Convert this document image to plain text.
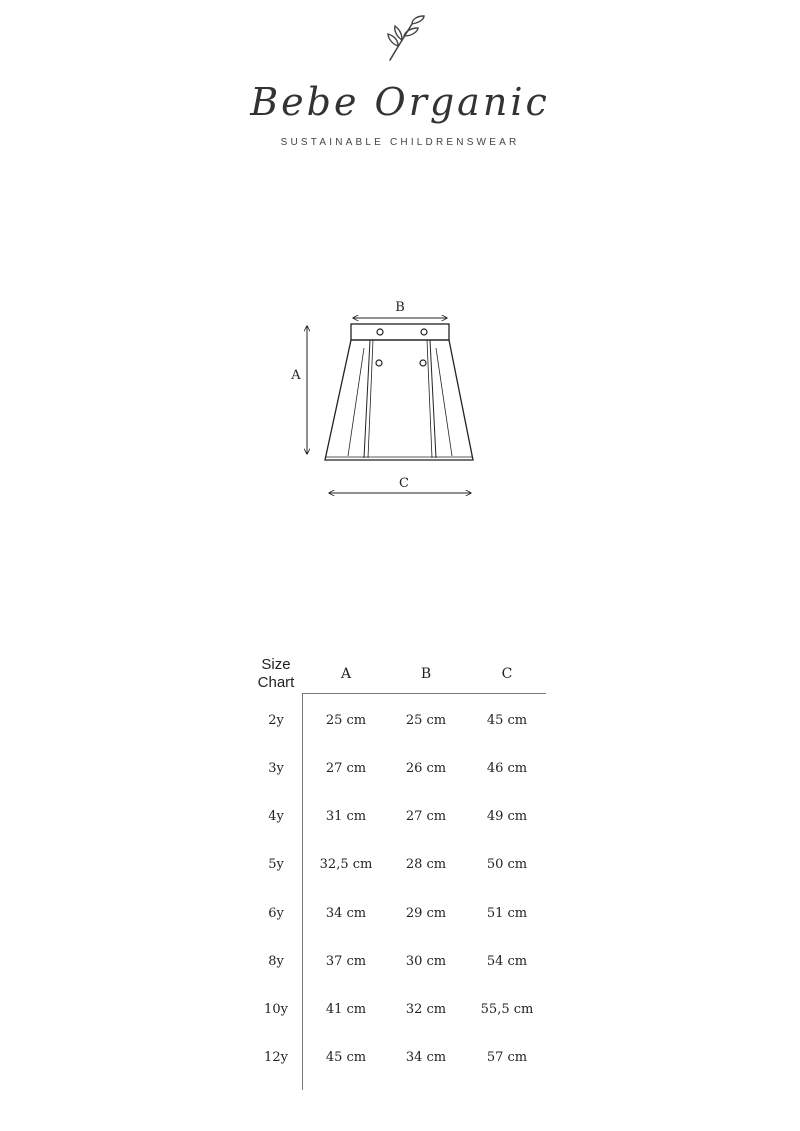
Bebe Organic
SUSTAINABLE CHILDRENSWEAR
B
A
C
Size Chart	A	B	C
2y	25 cm	25 cm	45 cm
3y	27 cm	26 cm	46 cm
4y	31 cm	27 cm	49 cm
5y	32,5 cm	28 cm	50 cm
6y	34 cm	29 cm	51 cm
8y	37 cm	30 cm	54 cm
10y	41 cm	32 cm	55,5 cm
12y	45 cm	34 cm	57 cm
